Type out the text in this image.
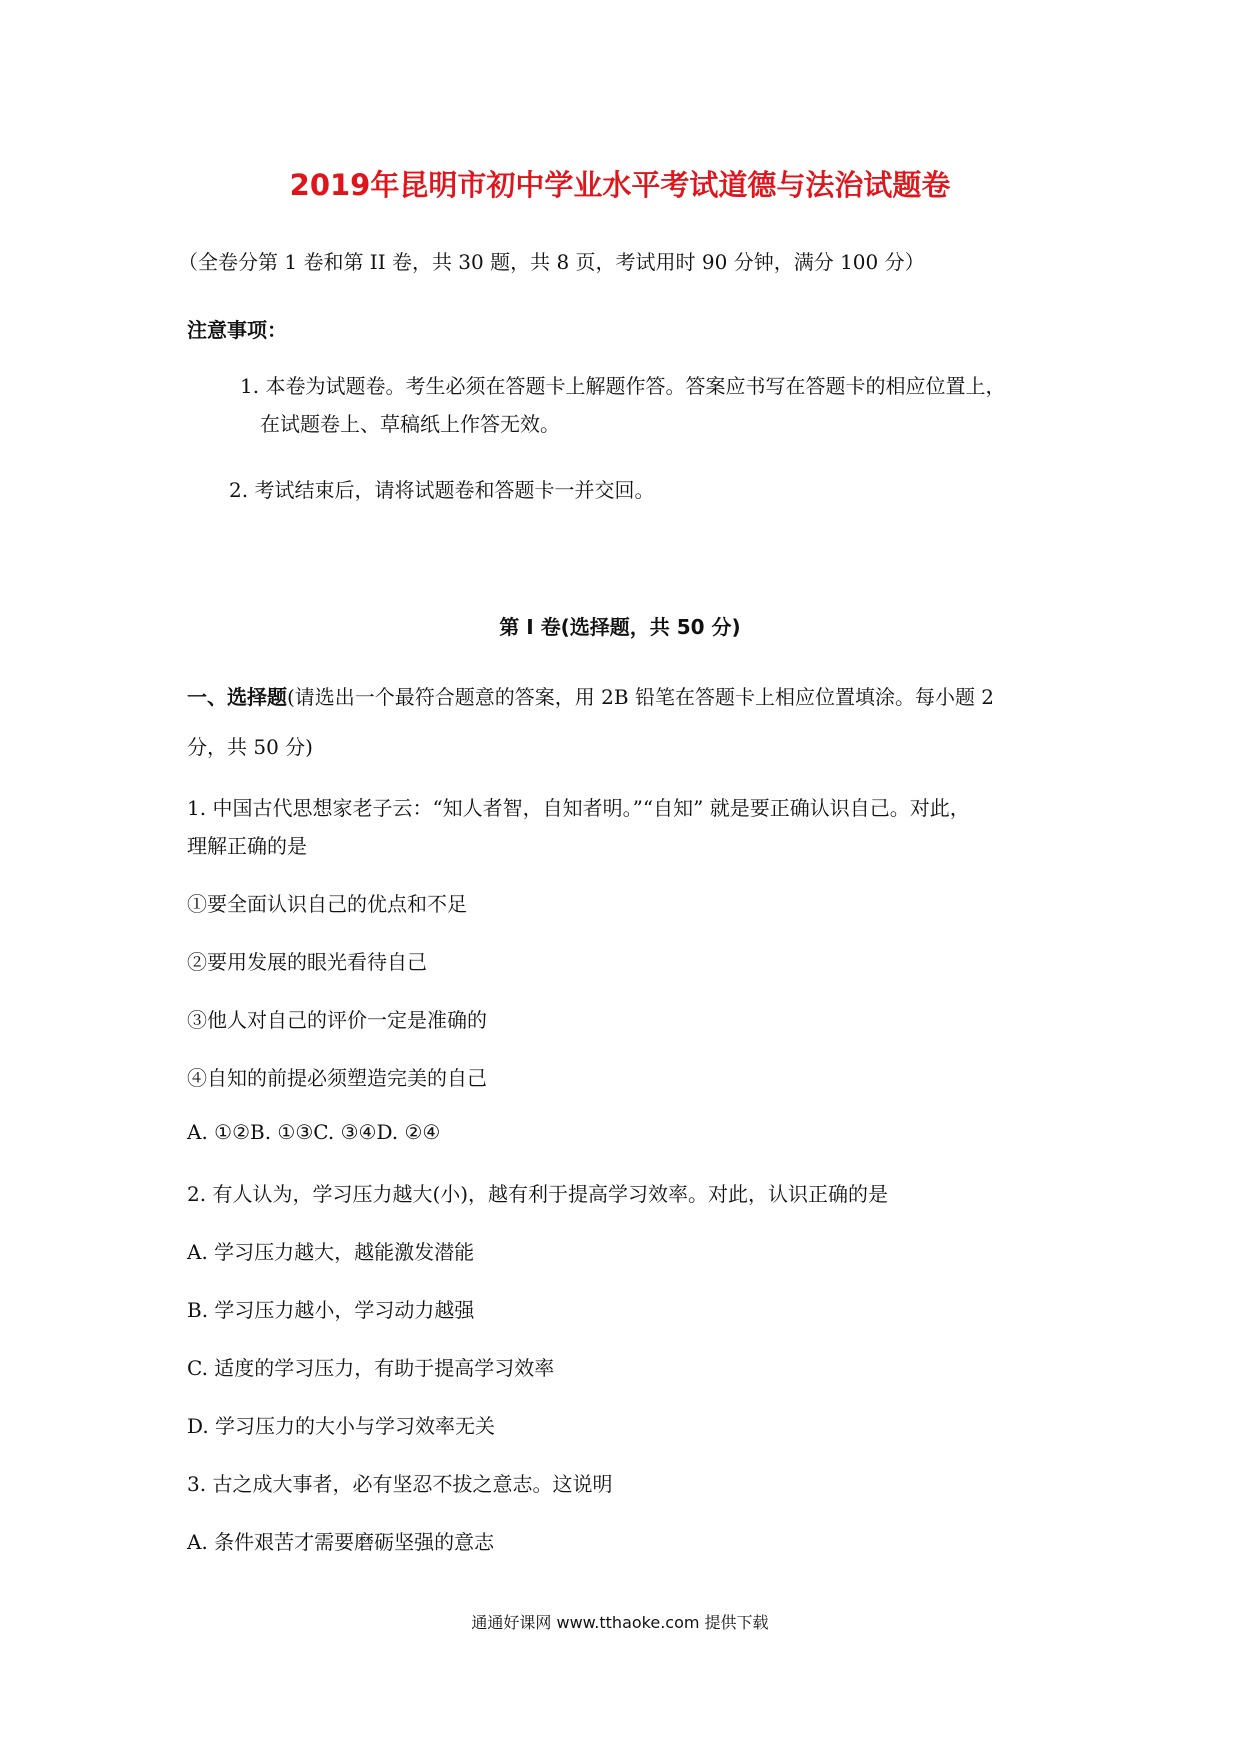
2019年昆明市初中学业水平考试道德与法治试题卷
（全卷分第 1 卷和第 II 卷，共 30 题，共 8 页，考试用时 90 分钟，满分 100 分）
注意事项：
1. 本卷为试题卷。考生必须在答题卡上解题作答。答案应书写在答题卡的相应位置上，
在试题卷上、草稿纸上作答无效。
2. 考试结束后，请将试题卷和答题卡一并交回。
第 I 卷(选择题，共 50 分)
一、选择题(请选出一个最符合题意的答案，用 2B 铅笔在答题卡上相应位置填涂。每小题 2
分，共 50 分)
1. 中国古代思想家老子云：“知人者智，自知者明。”“自知” 就是要正确认识自己。对此，
理解正确的是
①要全面认识自己的优点和不足
②要用发展的眼光看待自己
③他人对自己的评价一定是准确的
④自知的前提必须塑造完美的自己
A. ①②B. ①③C. ③④D. ②④
2. 有人认为，学习压力越大(小)，越有利于提高学习效率。对此，认识正确的是
A. 学习压力越大，越能激发潜能
B. 学习压力越小，学习动力越强
C. 适度的学习压力，有助于提高学习效率
D. 学习压力的大小与学习效率无关
3. 古之成大事者，必有坚忍不拔之意志。这说明
A. 条件艰苦才需要磨砺坚强的意志
通通好课网 www.tthaoke.com 提供下载
